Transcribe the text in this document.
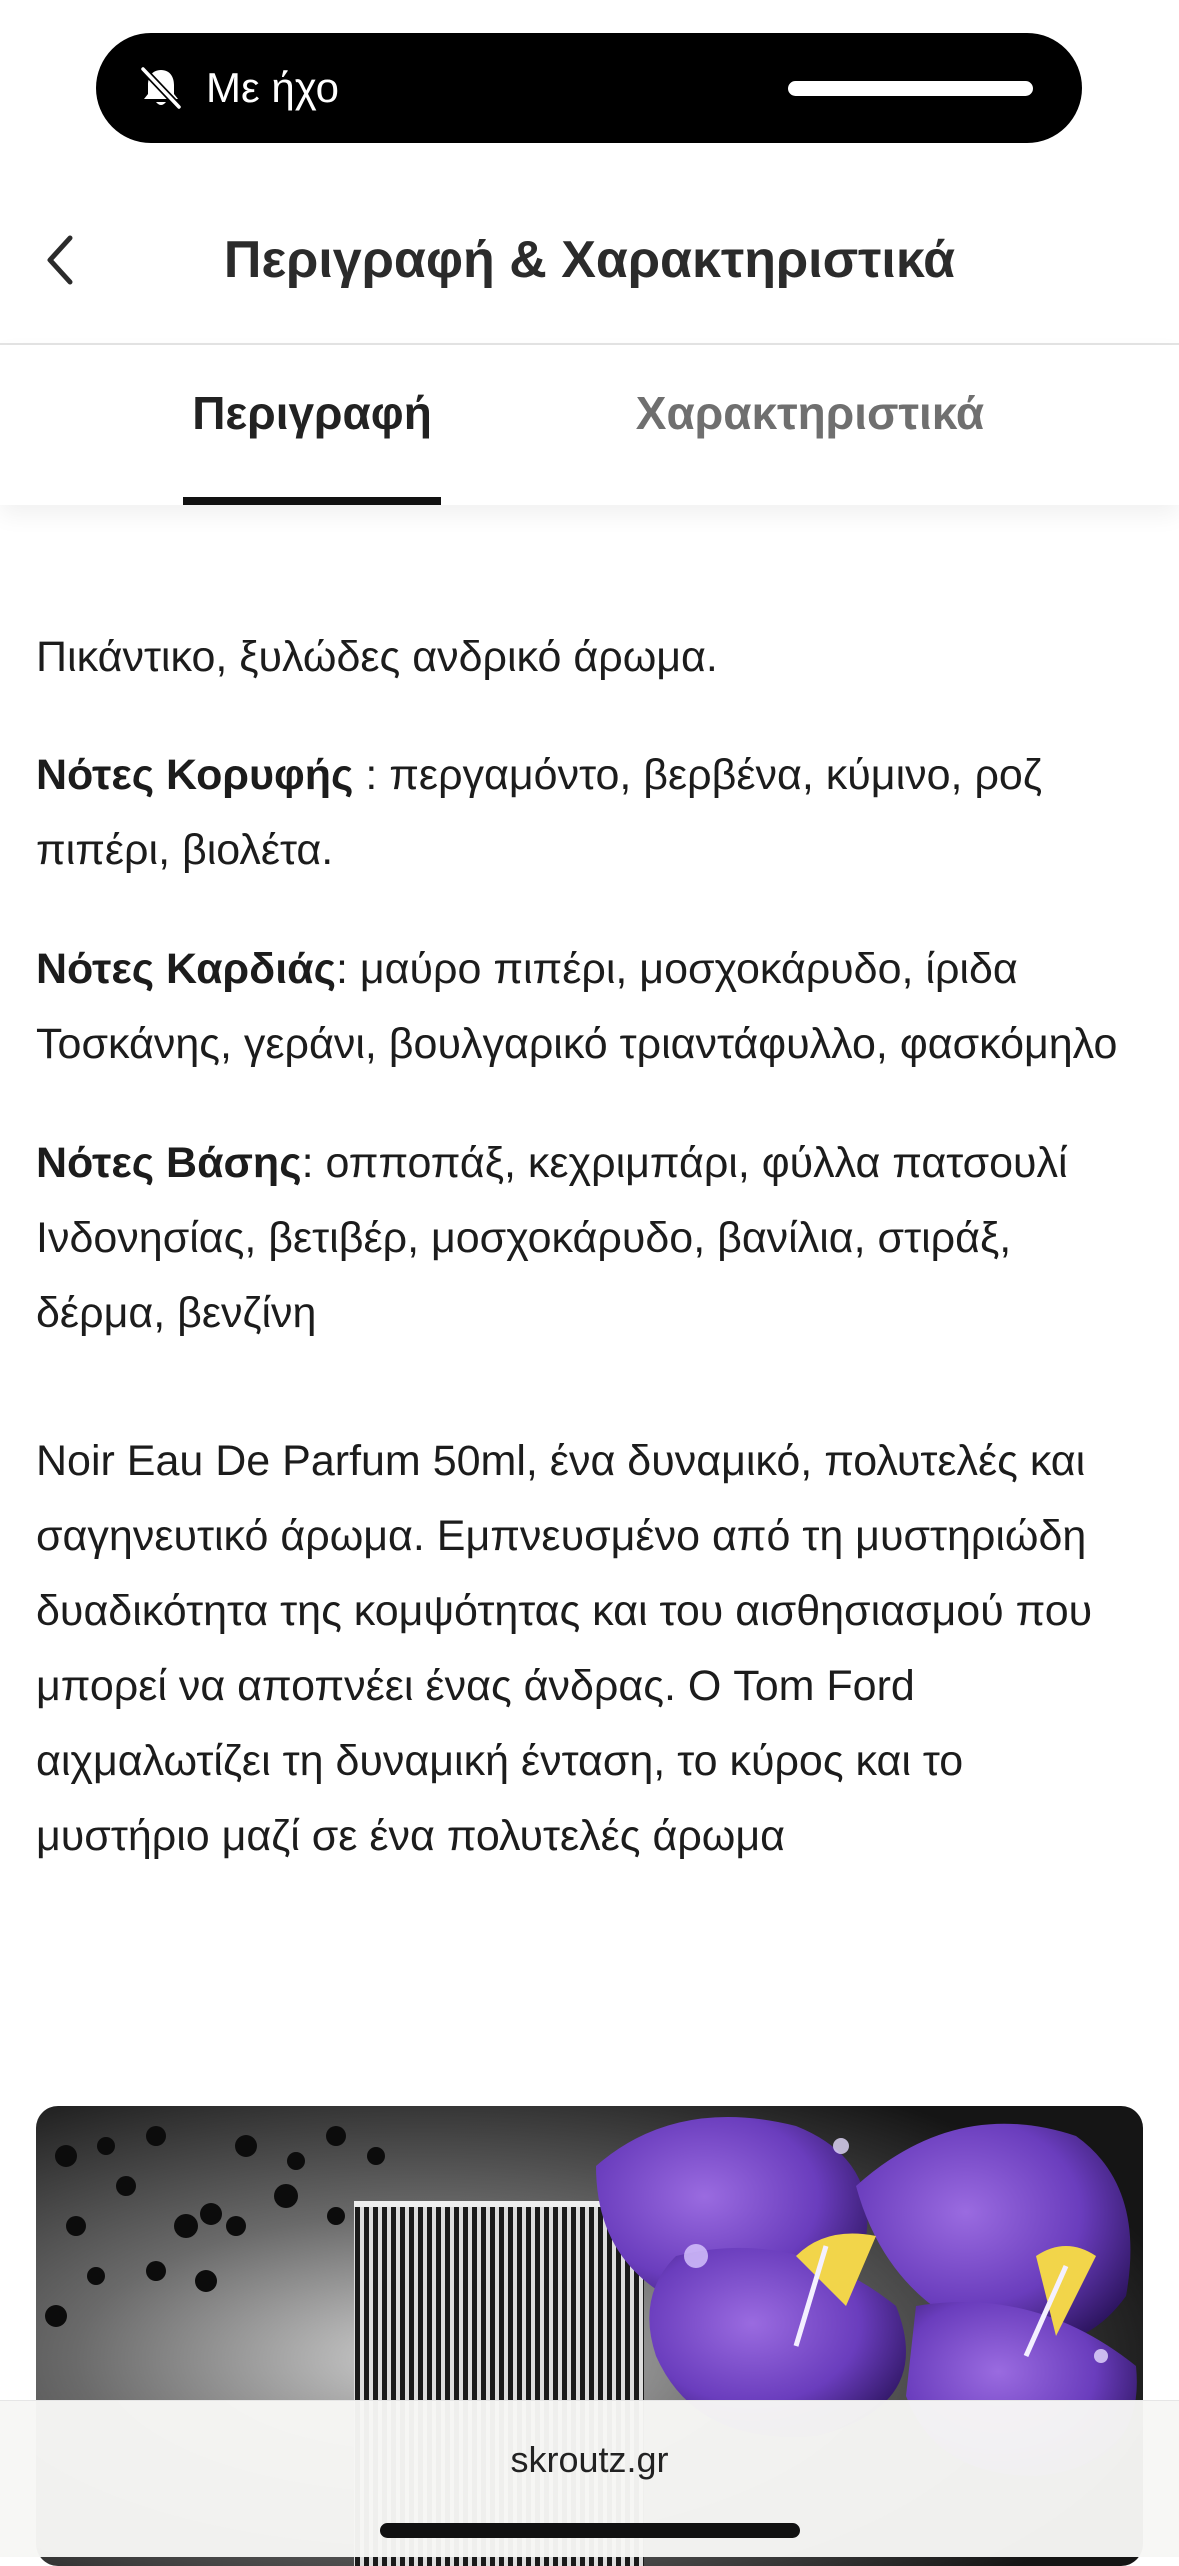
Με ήχο
Περιγραφή & Χαρακτηριστικά
Περιγραφή	Χαρακτηριστικά

Πικάντικο, ξυλώδες ανδρικό άρωμα.

Νότες Κορυφής : περγαμόντο, βερβένα, κύμινο, ροζ πιπέρι, βιολέτα.

Νότες Καρδιάς: μαύρο πιπέρι, μοσχοκάρυδο, ίριδα Τοσκάνης, γεράνι, βουλγαρικό τριαντάφυλλο, φασκόμηλο

Νότες Βάσης: οπποπάξ, κεχριμπάρι, φύλλα πατσουλί Ινδονησίας, βετιβέρ, μοσχοκάρυδο, βανίλια, στιράξ, δέρμα, βενζίνη

Noir Eau De Parfum 50ml, ένα δυναμικό, πολυτελές και σαγηνευτικό άρωμα. Εμπνευσμένο από τη μυστηριώδη δυαδικότητα της κομψότητας και του αισθησιασμού που μπορεί να αποπνέει ένας άνδρας. Ο Tom Ford αιχμαλωτίζει τη δυναμική ένταση, το κύρος και το μυστήριο μαζί σε ένα πολυτελές άρωμα

skroutz.gr
